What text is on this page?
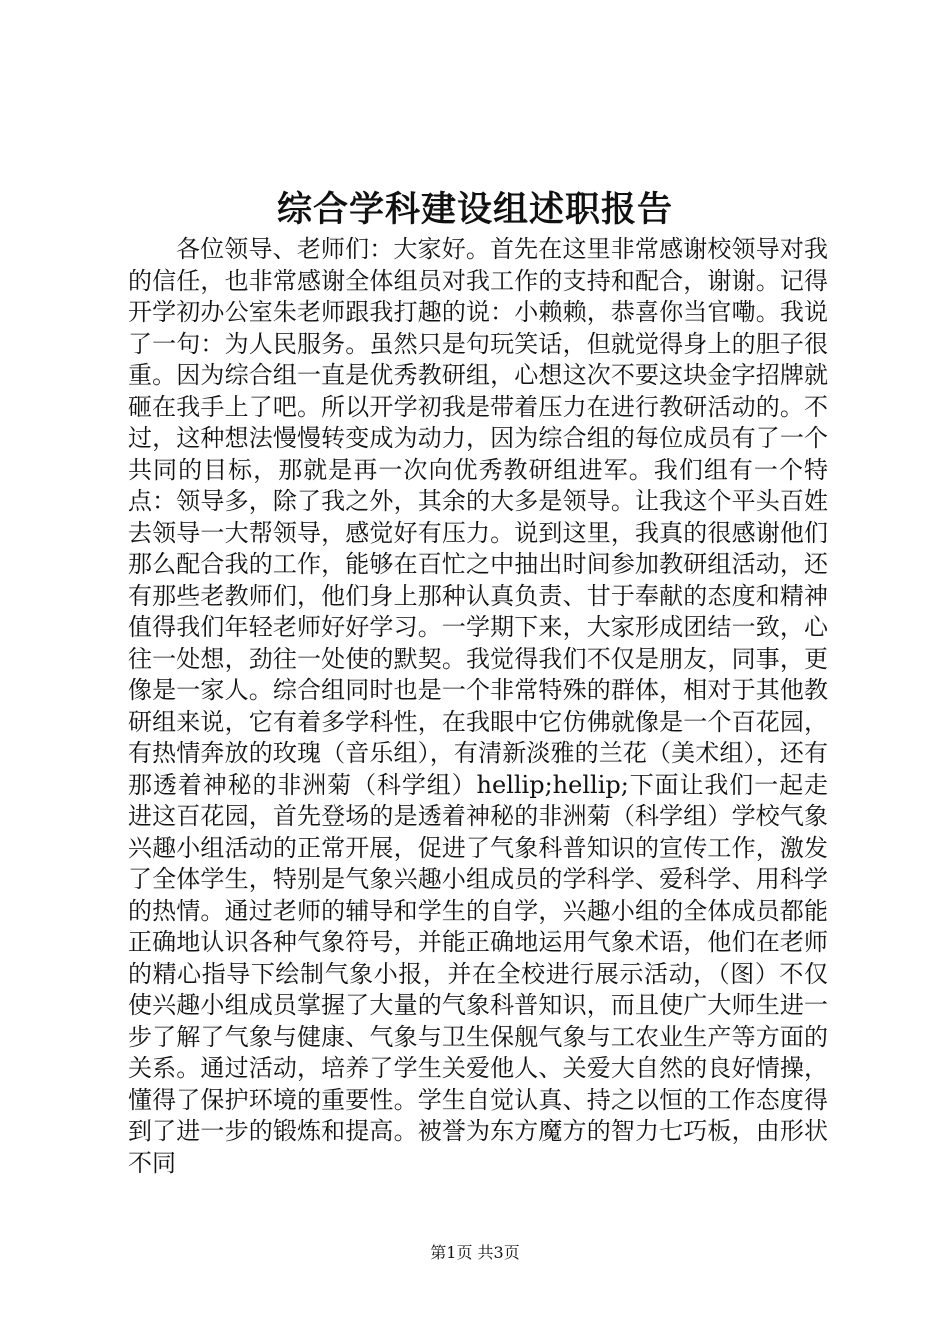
综合学科建设组述职报告

各位领导、老师们：大家好。首先在这里非常感谢校领导对我的信任，也非常感谢全体组员对我工作的支持和配合，谢谢。记得开学初办公室朱老师跟我打趣的说：小赖赖，恭喜你当官嘞。我说了一句：为人民服务。虽然只是句玩笑话，但就觉得身上的胆子很重。因为综合组一直是优秀教研组，心想这次不要这块金字招牌就砸在我手上了吧。所以开学初我是带着压力在进行教研活动的。不过，这种想法慢慢转变成为动力，因为综合组的每位成员有了一个共同的目标，那就是再一次向优秀教研组进军。我们组有一个特点：领导多，除了我之外，其余的大多是领导。让我这个平头百姓去领导一大帮领导，感觉好有压力。说到这里，我真的很感谢他们那么配合我的工作，能够在百忙之中抽出时间参加教研组活动，还有那些老教师们，他们身上那种认真负责、甘于奉献的态度和精神值得我们年轻老师好好学习。一学期下来，大家形成团结一致，心往一处想，劲往一处使的默契。我觉得我们不仅是朋友，同事，更像是一家人。综合组同时也是一个非常特殊的群体，相对于其他教研组来说，它有着多学科性，在我眼中它仿佛就像是一个百花园，有热情奔放的玫瑰（音乐组），有清新淡雅的兰花（美术组），还有那透着神秘的非洲菊（科学组）hellip;hellip;下面让我们一起走进这百花园，首先登场的是透着神秘的非洲菊（科学组）学校气象兴趣小组活动的正常开展，促进了气象科普知识的宣传工作，激发了全体学生，特别是气象兴趣小组成员的学科学、爱科学、用科学的热情。通过老师的辅导和学生的自学，兴趣小组的全体成员都能正确地认识各种气象符号，并能正确地运用气象术语，他们在老师的精心指导下绘制气象小报，并在全校进行展示活动，（图）不仅使兴趣小组成员掌握了大量的气象科普知识，而且使广大师生进一步了解了气象与健康、气象与卫生保舰气象与工农业生产等方面的关系。通过活动，培养了学生关爱他人、关爱大自然的良好情操，懂得了保护环境的重要性。学生自觉认真、持之以恒的工作态度得到了进一步的锻炼和提高。被誉为东方魔方的智力七巧板，由形状不同

第1页 共3页
